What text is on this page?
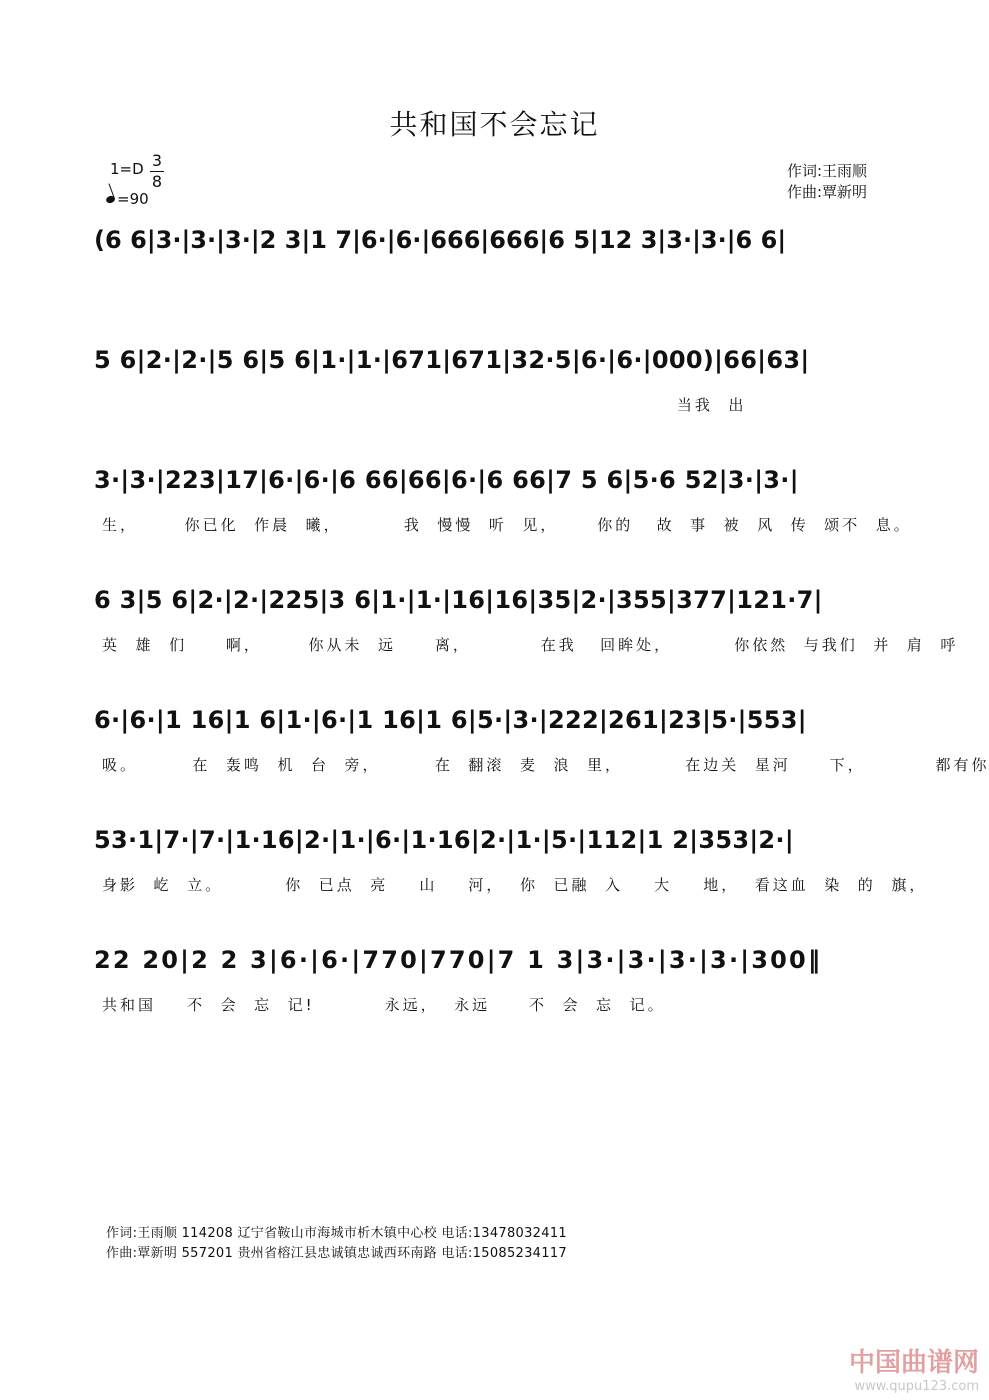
共和国不会忘记
1=D 3
8
=90
作词:王雨顺
作曲:覃新明
(6 6|3·|3·|3·|2 3|1 7|6·|6·|666|666|6 5|12 3|3·|3·|6 6|
5 6|2·|2·|5 6|5 6|1·|1·|671|671|32·5|6·|6·|000)|66|63|
当我  出
3·|3·|223|17|6·|6·|6 66|66|6·|6 66|7 5 6|5·6 52|3·|3·|
生，      你已化  作晨  曦，        我  慢慢  听  见，     你的   故  事  被  风  传  颂不  息。
6 3|5 6|2·|2·|225|3 6|1·|1·|16|16|35|2·|355|377|121·7|
英  雄  们     啊，      你从未  远     离，         在我   回眸处，        你依然  与我们  并  肩  呼
6·|6·|1 16|1 6|1·|6·|1 16|1 6|5·|3·|222|261|23|5·|553|
吸。       在  轰鸣  机  台  旁，       在  翻滚  麦  浪  里，        在边关  星河     下，         都有你
53·1|7·|7·|1·16|2·|1·|6·|1·16|2·|1·|5·|112|1 2|353|2·|
身影  屹  立。        你  已点  亮    山    河，  你  已融  入    大    地，  看这血  染  的  旗，
22 20|2 2 3|6·|6·|770|770|7 1 3|3·|3·|3·|3·|300‖
共和国    不  会  忘  记!         永远，  永远     不  会  忘  记。
作词:王雨顺 114208 辽宁省鞍山市海城市析木镇中心校 电话:13478032411
作曲:覃新明 557201 贵州省榕江县忠诚镇忠诚西环南路 电话:15085234117
中国曲谱网
www.qupu123.com
